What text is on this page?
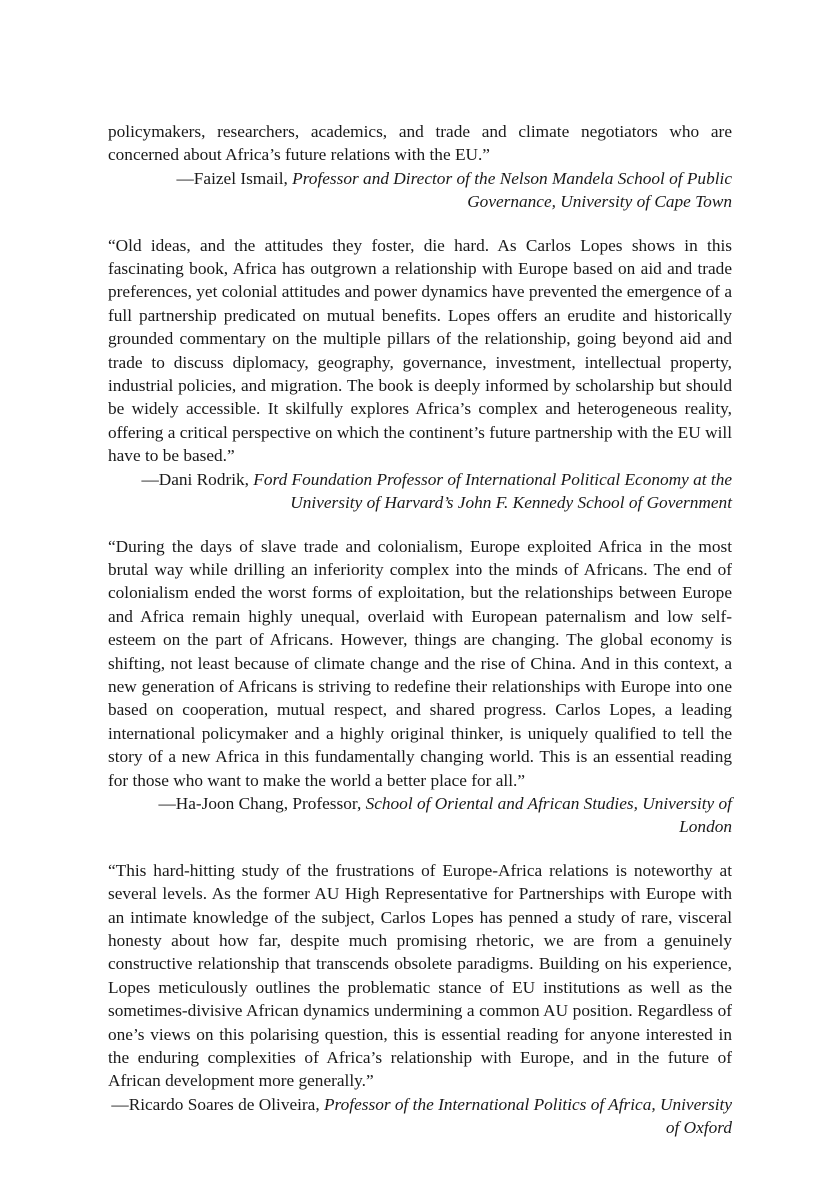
policymakers, researchers, academics, and trade and climate negotiators who are concerned about Africa’s future relations with the EU.”

—Faizel Ismail, Professor and Director of the Nelson Mandela School of Public Governance, University of Cape Town

“Old ideas, and the attitudes they foster, die hard. As Carlos Lopes shows in this fascinating book, Africa has outgrown a relationship with Europe based on aid and trade preferences, yet colonial attitudes and power dynamics have prevented the emergence of a full partnership predicated on mutual benefits. Lopes offers an erudite and historically grounded commentary on the multiple pillars of the relationship, going beyond aid and trade to discuss diplomacy, geography, governance, investment, intellectual property, industrial policies, and migration. The book is deeply informed by scholarship but should be widely accessible. It skilfully explores Africa’s complex and heterogeneous reality, offering a critical perspective on which the continent’s future partnership with the EU will have to be based.”

—Dani Rodrik, Ford Foundation Professor of International Political Economy at the University of Harvard’s John F. Kennedy School of Government

“During the days of slave trade and colonialism, Europe exploited Africa in the most brutal way while drilling an inferiority complex into the minds of Africans. The end of colonialism ended the worst forms of exploitation, but the relationships between Europe and Africa remain highly unequal, overlaid with European paternalism and low self-esteem on the part of Africans. However, things are changing. The global economy is shifting, not least because of climate change and the rise of China. And in this context, a new generation of Africans is striving to redefine their relationships with Europe into one based on cooperation, mutual respect, and shared progress. Carlos Lopes, a leading international policymaker and a highly original thinker, is uniquely qualified to tell the story of a new Africa in this fundamentally changing world. This is an essential reading for those who want to make the world a better place for all.”

—Ha-Joon Chang, Professor, School of Oriental and African Studies, University of London

“This hard-hitting study of the frustrations of Europe-Africa relations is noteworthy at several levels. As the former AU High Representative for Partnerships with Europe with an intimate knowledge of the subject, Carlos Lopes has penned a study of rare, visceral honesty about how far, despite much promising rhetoric, we are from a genuinely constructive relationship that transcends obsolete paradigms. Building on his experience, Lopes meticulously outlines the problematic stance of EU institutions as well as the sometimes-divisive African dynamics undermining a common AU position. Regardless of one’s views on this polarising question, this is essential reading for anyone interested in the enduring complexities of Africa’s relationship with Europe, and in the future of African development more generally.”

—Ricardo Soares de Oliveira, Professor of the International Politics of Africa, University of Oxford
